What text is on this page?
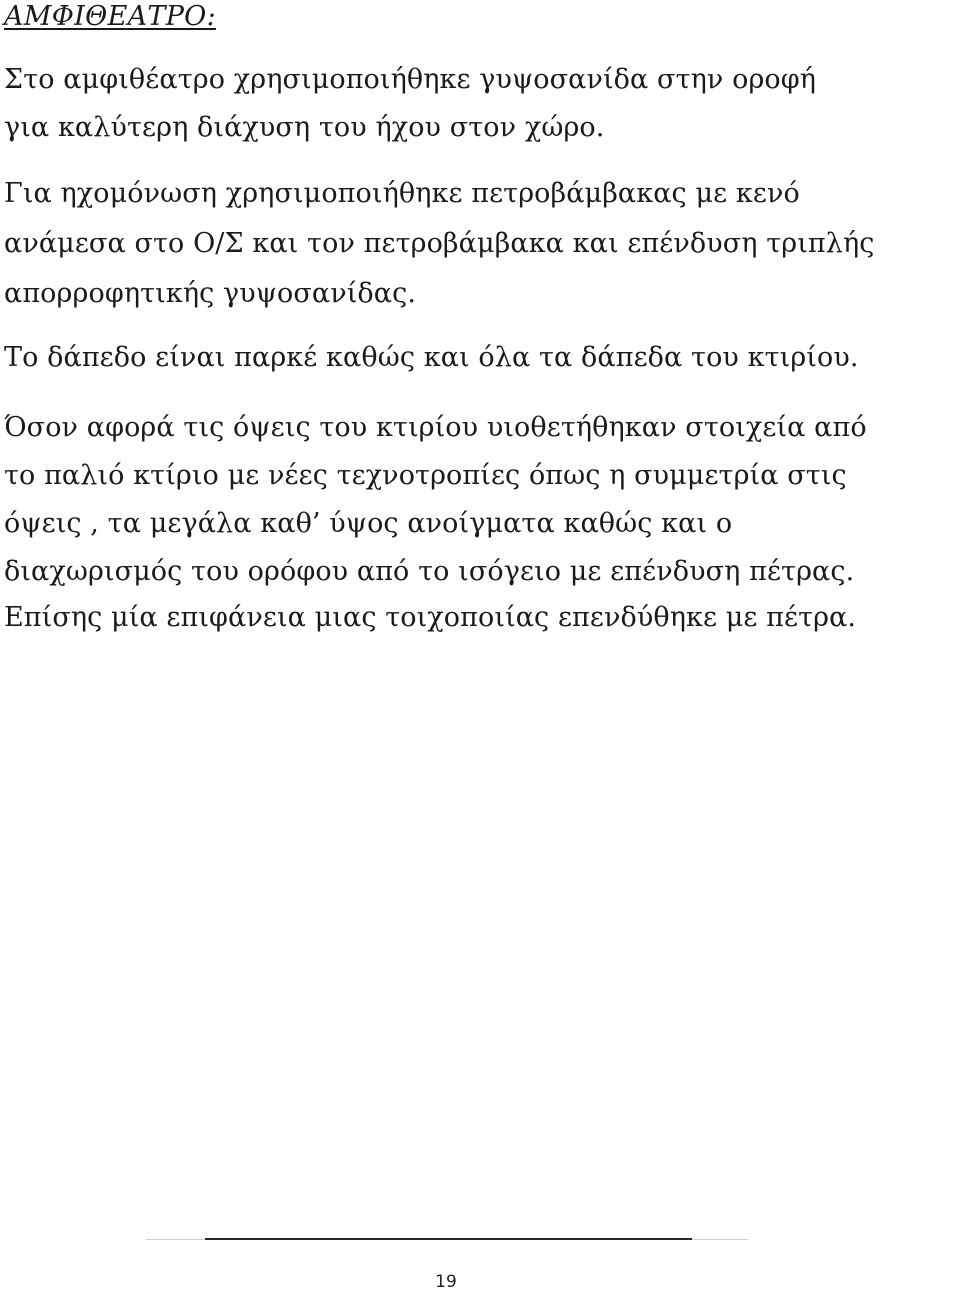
ΑΜΦΙΘΕΑΤΡΟ:
Στο αμφιθέατρο χρησιμοποιήθηκε γυψοσανίδα στην οροφή
για καλύτερη διάχυση του ήχου στον χώρο.
Για ηχομόνωση χρησιμοποιήθηκε πετροβάμβακας με κενό
ανάμεσα στο Ο/Σ και τον πετροβάμβακα και επένδυση τριπλής
απορροφητικής γυψοσανίδας.
Το δάπεδο είναι παρκέ καθώς και όλα τα δάπεδα του κτιρίου.
Όσον αφορά τις όψεις του κτιρίου υιοθετήθηκαν στοιχεία από
το παλιό κτίριο με νέες τεχνοτροπίες όπως η συμμετρία στις
όψεις , τα μεγάλα καθ’ ύψος ανοίγματα καθώς και ο
διαχωρισμός του ορόφου από το ισόγειο με επένδυση πέτρας.
Επίσης μία επιφάνεια μιας τοιχοποιίας επενδύθηκε με πέτρα.
19
